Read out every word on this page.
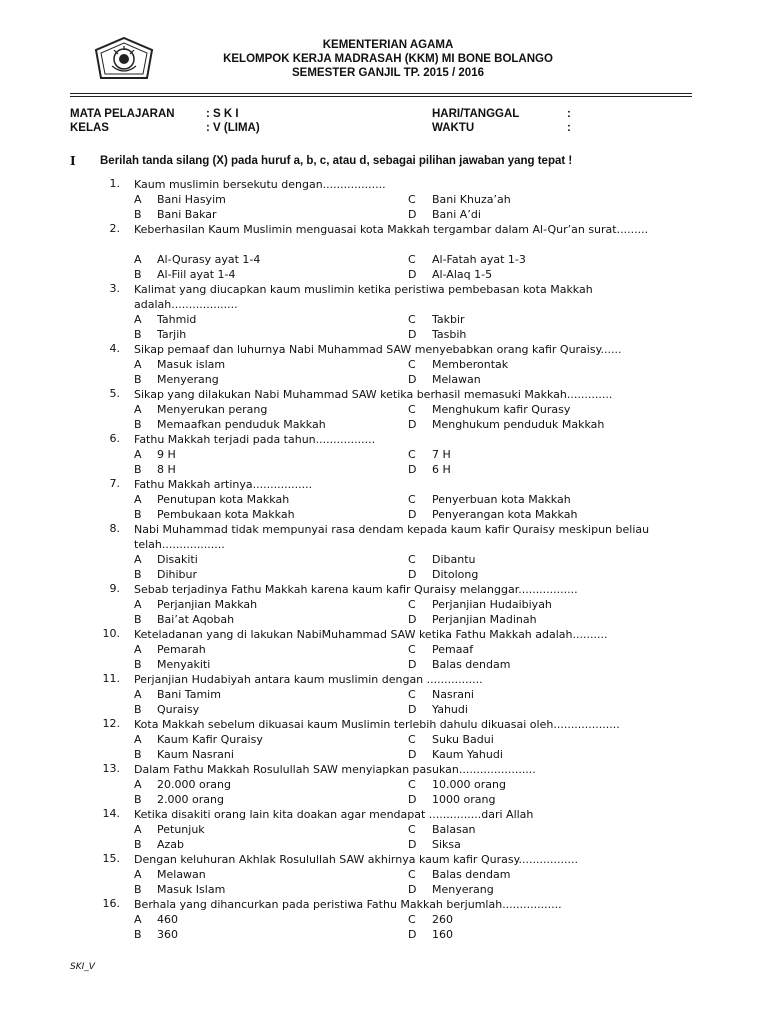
KEMENTERIAN AGAMA
KELOMPOK KERJA MADRASAH (KKM) MI BONE BOLANGO
SEMESTER GANJIL TP. 2015 / 2016
MATA PELAJARAN	: S K I
KELAS	: V (LIMA)
HARI/TANGGAL	:
WAKTU	:
I Berilah tanda silang (X) pada huruf a, b, c, atau d, sebagai pilihan jawaban yang tepat !
1. Kaum muslimin bersekutu dengan..................
A Bani Hasyim	C Bani Khuza’ah
B Bani Bakar	D Bani A’di
2. Keberhasilan Kaum Muslimin menguasai kota Makkah tergambar dalam Al-Qur’an surat.........
A Al-Qurasy ayat 1-4	C Al-Fatah ayat 1-3
B Al-Fiil ayat 1-4	D Al-Alaq 1-5
3. Kalimat yang diucapkan kaum muslimin ketika peristiwa pembebasan kota Makkah adalah...................
A Tahmid	C Takbir
B Tarjih	D Tasbih
4. Sikap pemaaf dan luhurnya Nabi Muhammad SAW menyebabkan orang kafir Quraisy......
A Masuk islam	C Memberontak
B Menyerang	D Melawan
5. Sikap yang dilakukan Nabi Muhammad SAW ketika berhasil memasuki Makkah.............
A Menyerukan perang	C Menghukum kafir Qurasy
B Memaafkan penduduk Makkah	D Menghukum penduduk Makkah
6. Fathu Makkah terjadi pada tahun.................
A 9 H	C 7 H
B 8 H	D 6 H
7. Fathu Makkah artinya.................
A Penutupan kota Makkah	C Penyerbuan kota Makkah
B Pembukaan kota Makkah	D Penyerangan kota Makkah
8. Nabi Muhammad tidak mempunyai rasa dendam kepada kaum kafir Quraisy meskipun beliau telah..................
A Disakiti	C Dibantu
B Dihibur	D Ditolong
9. Sebab terjadinya Fathu Makkah karena kaum kafir Quraisy melanggar.................
A Perjanjian Makkah	C Perjanjian Hudaibiyah
B Bai’at Aqobah	D Perjanjian Madinah
10. Keteladanan yang di lakukan NabiMuhammad SAW ketika Fathu Makkah adalah..........
A Pemarah	C Pemaaf
B Menyakiti	D Balas dendam
11. Perjanjian Hudabiyah antara kaum muslimin dengan ................
A Bani Tamim	C Nasrani
B Quraisy	D Yahudi
12. Kota Makkah sebelum dikuasai kaum Muslimin terlebih dahulu dikuasai oleh...................
A Kaum Kafir Quraisy	C Suku Badui
B Kaum Nasrani	D Kaum Yahudi
13. Dalam Fathu Makkah Rosulullah SAW menyiapkan pasukan......................
A 20.000 orang	C 10.000 orang
B 2.000 orang	D 1000 orang
14. Ketika disakiti orang lain kita doakan agar mendapat ...............dari Allah
A Petunjuk	C Balasan
B Azab	D Siksa
15. Dengan keluhuran Akhlak Rosulullah SAW akhirnya kaum kafir Qurasy.................
A Melawan	C Balas dendam
B Masuk Islam	D Menyerang
16. Berhala yang dihancurkan pada peristiwa Fathu Makkah berjumlah.................
A 460	C 260
B 360	D 160
SKI_V
